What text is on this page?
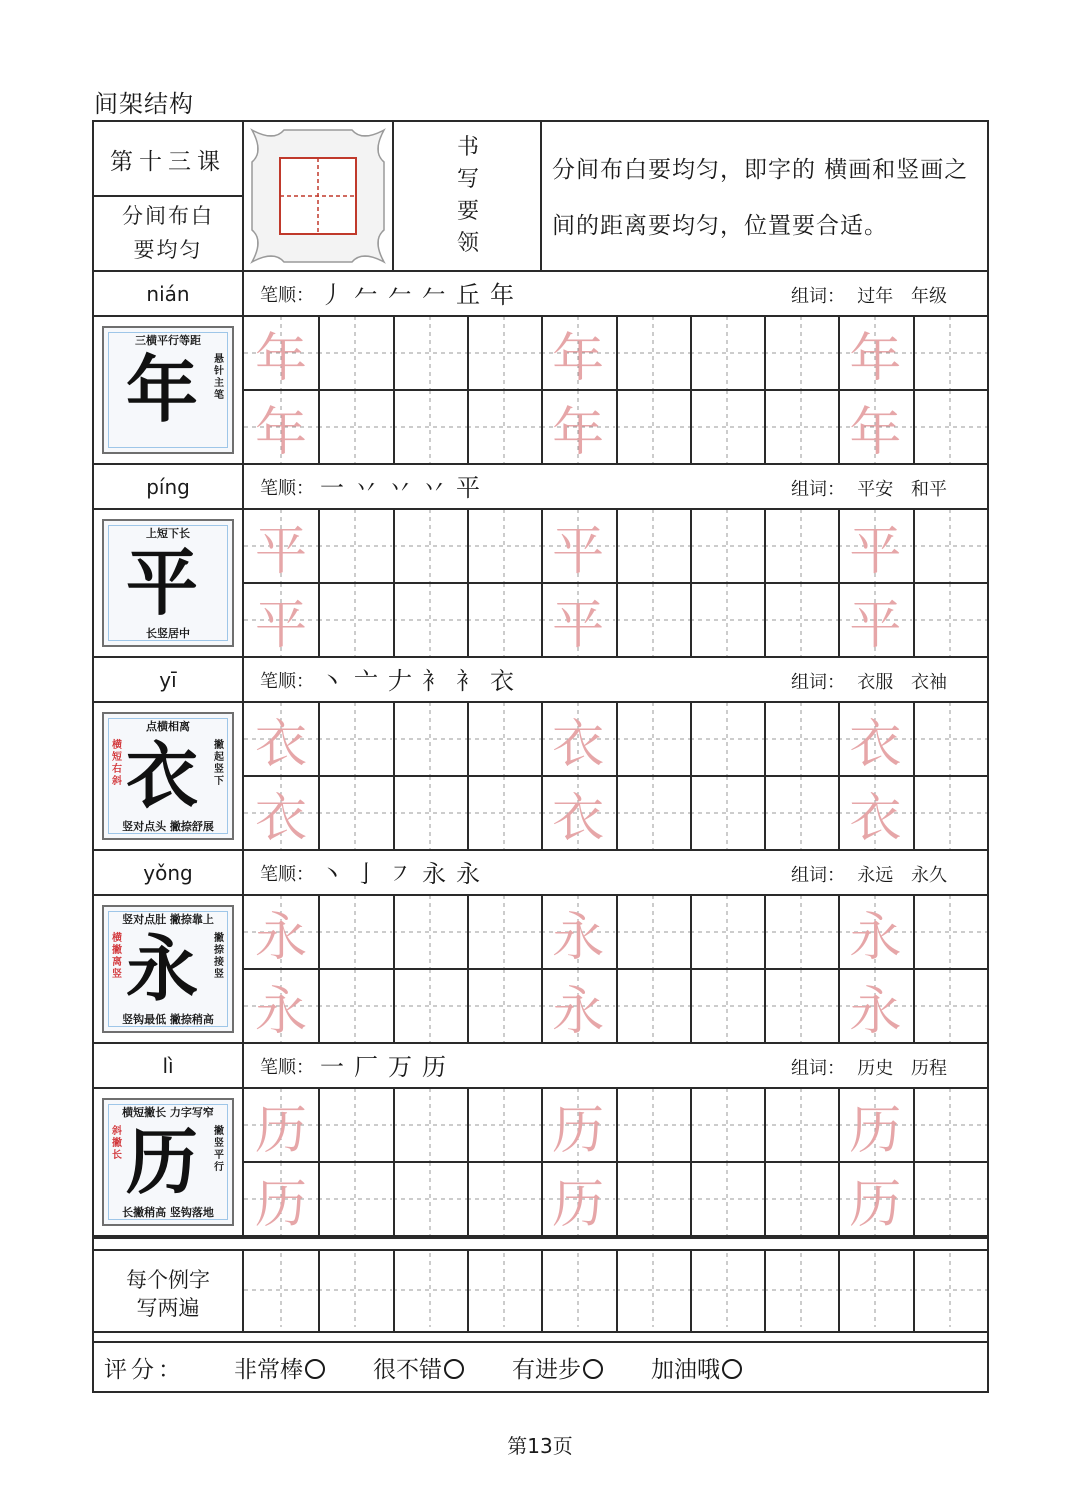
间架结构
第十三课
分间布白
要均匀
书
写
要
领
分间布白要均匀，即字的 横画和竖画之间的距离要均匀，位置要合适。
nián	笔顺： 丿𠂉𠂉𠂉丘年	组词： 过年 年级
三横平行等距
年 悬针主笔
年	年	年
年	年	年
píng	笔顺： 一丷丷丷平	组词： 平安 和平
上短下长
平
长竖居中
平	平	平
平	平	平
yī	笔顺： 丶亠𠂇衤衤衣	组词： 衣服 衣袖
点横相离
横短右斜 衣 撇起竖下
竖对点头 撇捺舒展
衣	衣	衣
衣	衣	衣
yǒng	笔顺： 丶亅㇇永永	组词： 永远 永久
竖对点肚 撇捺靠上
横撇离竖 永 撇捺接竖
竖钩最低 撇捺稍高
永	永	永
永	永	永
lì	笔顺： 一厂万历	组词： 历史 历程
横短撇长 力字写窄
斜撇长 历 撇竖平行
长撇稍高 竖钩落地
历	历	历
历	历	历
每个例字
写两遍
评分：	非常棒	很不错	有进步	加油哦
第13页
